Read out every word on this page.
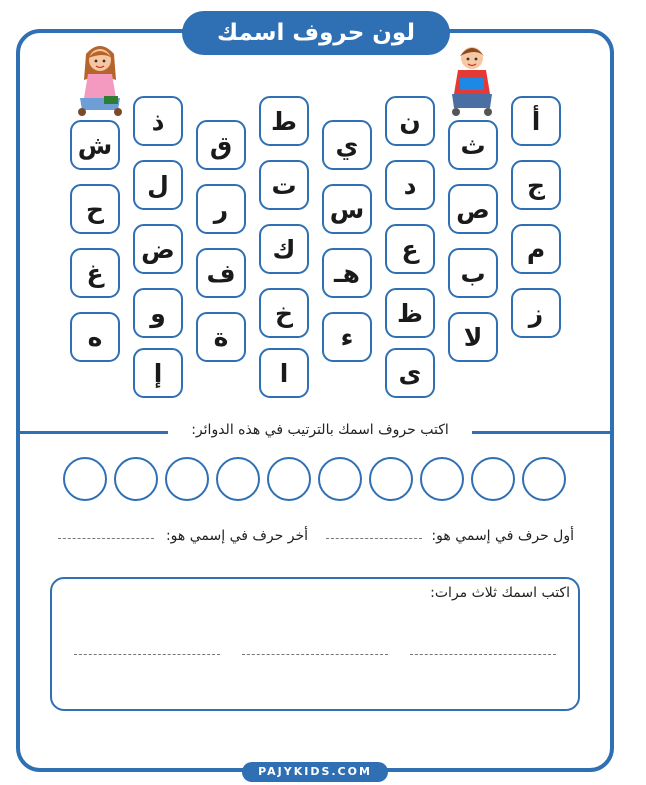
لون حروف اسمك
أ
ج
م
ز
ث
ص
ب
لا
ن
د
ع
ظ
ى
ي
س
هـ
ء
ط
ت
ك
خ
ا
ق
ر
ف
ة
ذ
ل
ض
و
إ
ش
ح
غ
ه
اكتب حروف اسمك بالترتيب في هذه الدوائر:
أول حرف في إسمي هو:
أخر حرف في إسمي هو:
اكتب اسمك ثلاث مرات:
PAJYKIDS.COM
